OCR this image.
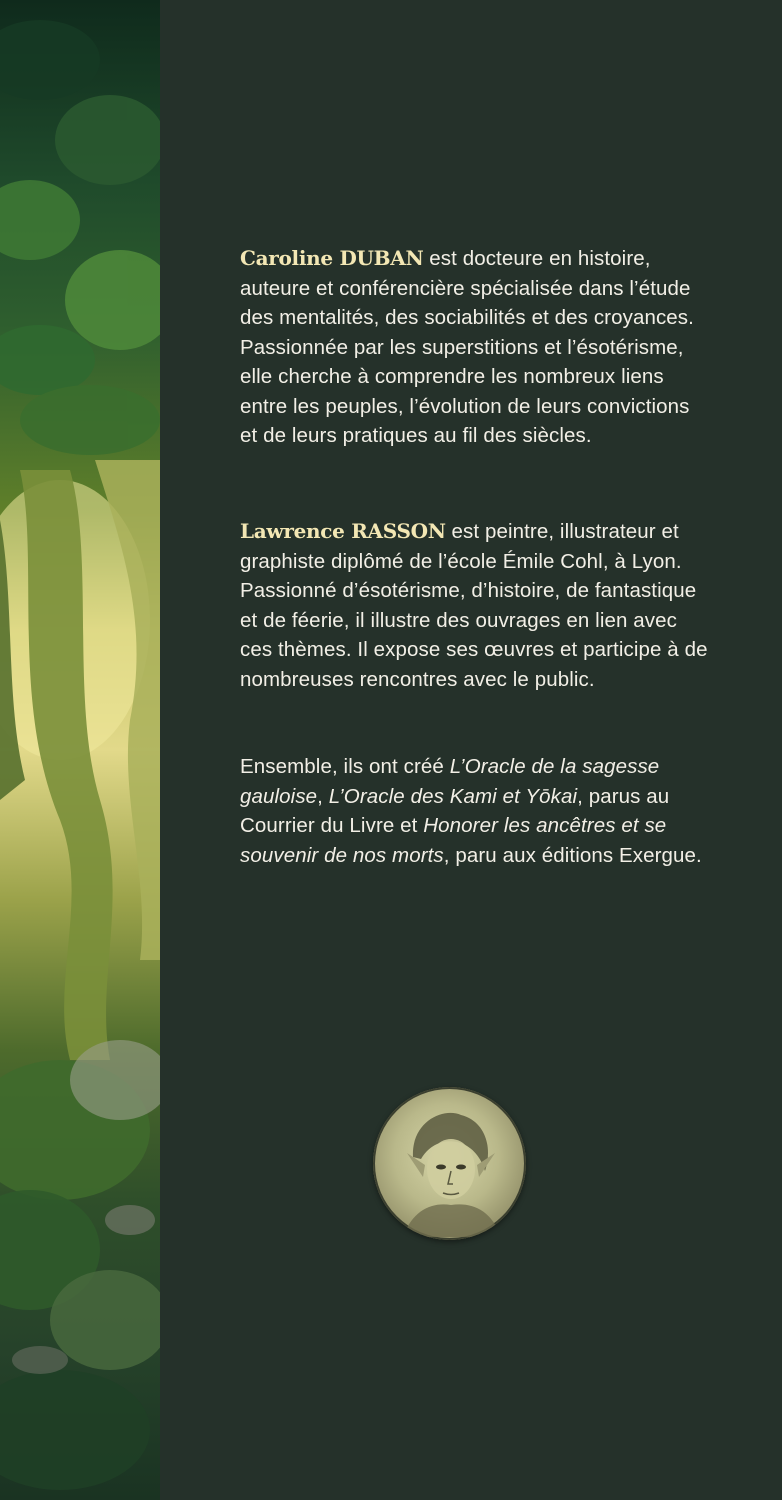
Caroline DUBAN est docteure en histoire, auteure et conférencière spécialisée dans l’étude des mentalités, des sociabilités et des croyances. Passionnée par les superstitions et l’ésotérisme, elle cherche à comprendre les nombreux liens entre les peuples, l’évolution de leurs convictions et de leurs pratiques au fil des siècles.

Lawrence RASSON est peintre, illustrateur et graphiste diplômé de l’école Émile Cohl, à Lyon. Passionné d’ésotérisme, d’histoire, de fantastique et de féerie, il illustre des ouvrages en lien avec ces thèmes. Il expose ses œuvres et participe à de nombreuses rencontres avec le public.

Ensemble, ils ont créé L’Oracle de la sagesse gauloise, L’Oracle des Kami et Yōkai, parus au Courrier du Livre et Honorer les ancêtres et se souvenir de nos morts, paru aux éditions Exergue.
